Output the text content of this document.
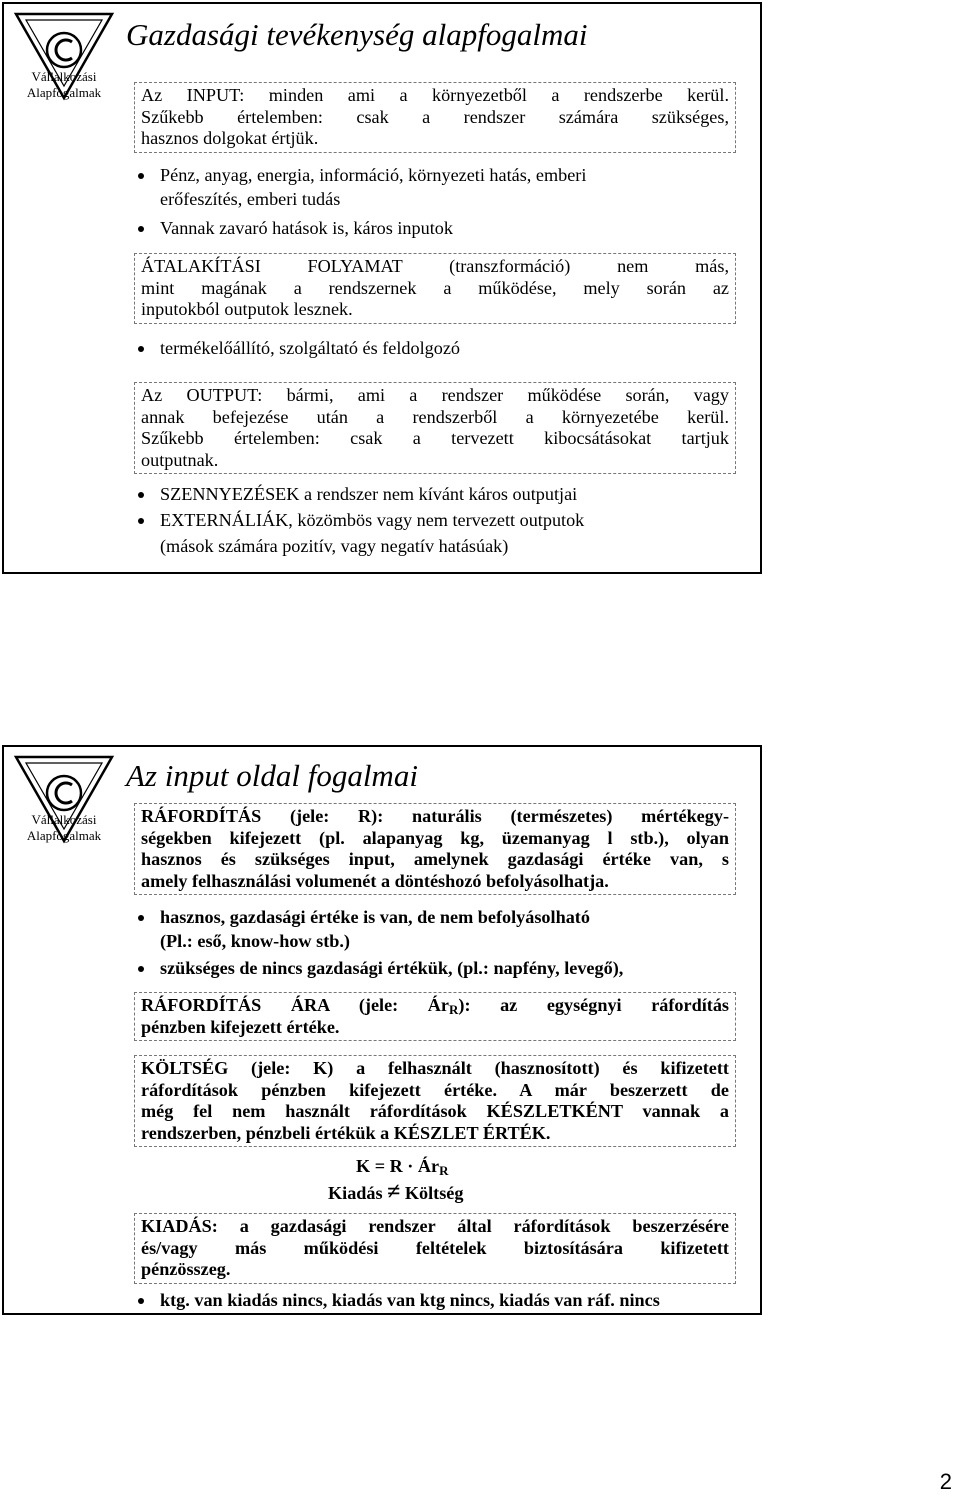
Vállalkozási
Alapfogalmak
Gazdasági tevékenység alapfogalmai
Az INPUT: minden ami a környezetből a rendszerbe kerül.
Szűkebb értelemben: csak a rendszer számára szükséges,
hasznos dolgokat értjük.
Pénz, anyag, energia, információ, környezeti hatás, emberi
erőfeszítés, emberi tudás
Vannak zavaró hatások is, káros inputok
ÁTALAKÍTÁSI FOLYAMAT (transzformáció) nem más,
mint magának a rendszernek a működése, mely során az
inputokból outputok lesznek.
termékelőállító, szolgáltató és feldolgozó
Az OUTPUT: bármi, ami a rendszer működése során, vagy
annak befejezése után a rendszerből a környezetébe kerül.
Szűkebb értelemben: csak a tervezett kibocsátásokat tartjuk
outputnak.
SZENNYEZÉSEK a rendszer nem kívánt káros outputjai
EXTERNÁLIÁK, közömbös vagy nem tervezett outputok
(mások számára pozitív, vagy negatív hatásúak)
Vállalkozási
Alapfogalmak
Az input oldal fogalmai
RÁFORDÍTÁS (jele: R): naturális (természetes) mértékegy-
ségekben kifejezett (pl. alapanyag kg, üzemanyag l stb.), olyan
hasznos és szükséges input, amelynek gazdasági értéke van, s
amely felhasználási volumenét a döntéshozó befolyásolhatja.
hasznos, gazdasági értéke is van, de nem befolyásolható
(Pl.: eső, know-how stb.)
szükséges de nincs gazdasági értékük, (pl.: napfény, levegő),
RÁFORDÍTÁS ÁRA (jele: $Ár_R$): az egységnyi ráfordítás
pénzben kifejezett értéke.
KÖLTSÉG (jele: K) a felhasznált (hasznosított) és kifizetett
ráfordítások pénzben kifejezett értéke. A már beszerzett de
még fel nem használt ráfordítások KÉSZLETKÉNT vannak a
rendszerben, pénzbeli értékük a KÉSZLET ÉRTÉK.
$K = R \cdot Ár_R$
Kiadás ≠ Költség
KIADÁS: a gazdasági rendszer által ráfordítások beszerzésére
és/vagy más működési feltételek biztosítására kifizetett
pénzösszeg.
ktg. van kiadás nincs, kiadás van ktg nincs, kiadás van ráf. nincs
2
